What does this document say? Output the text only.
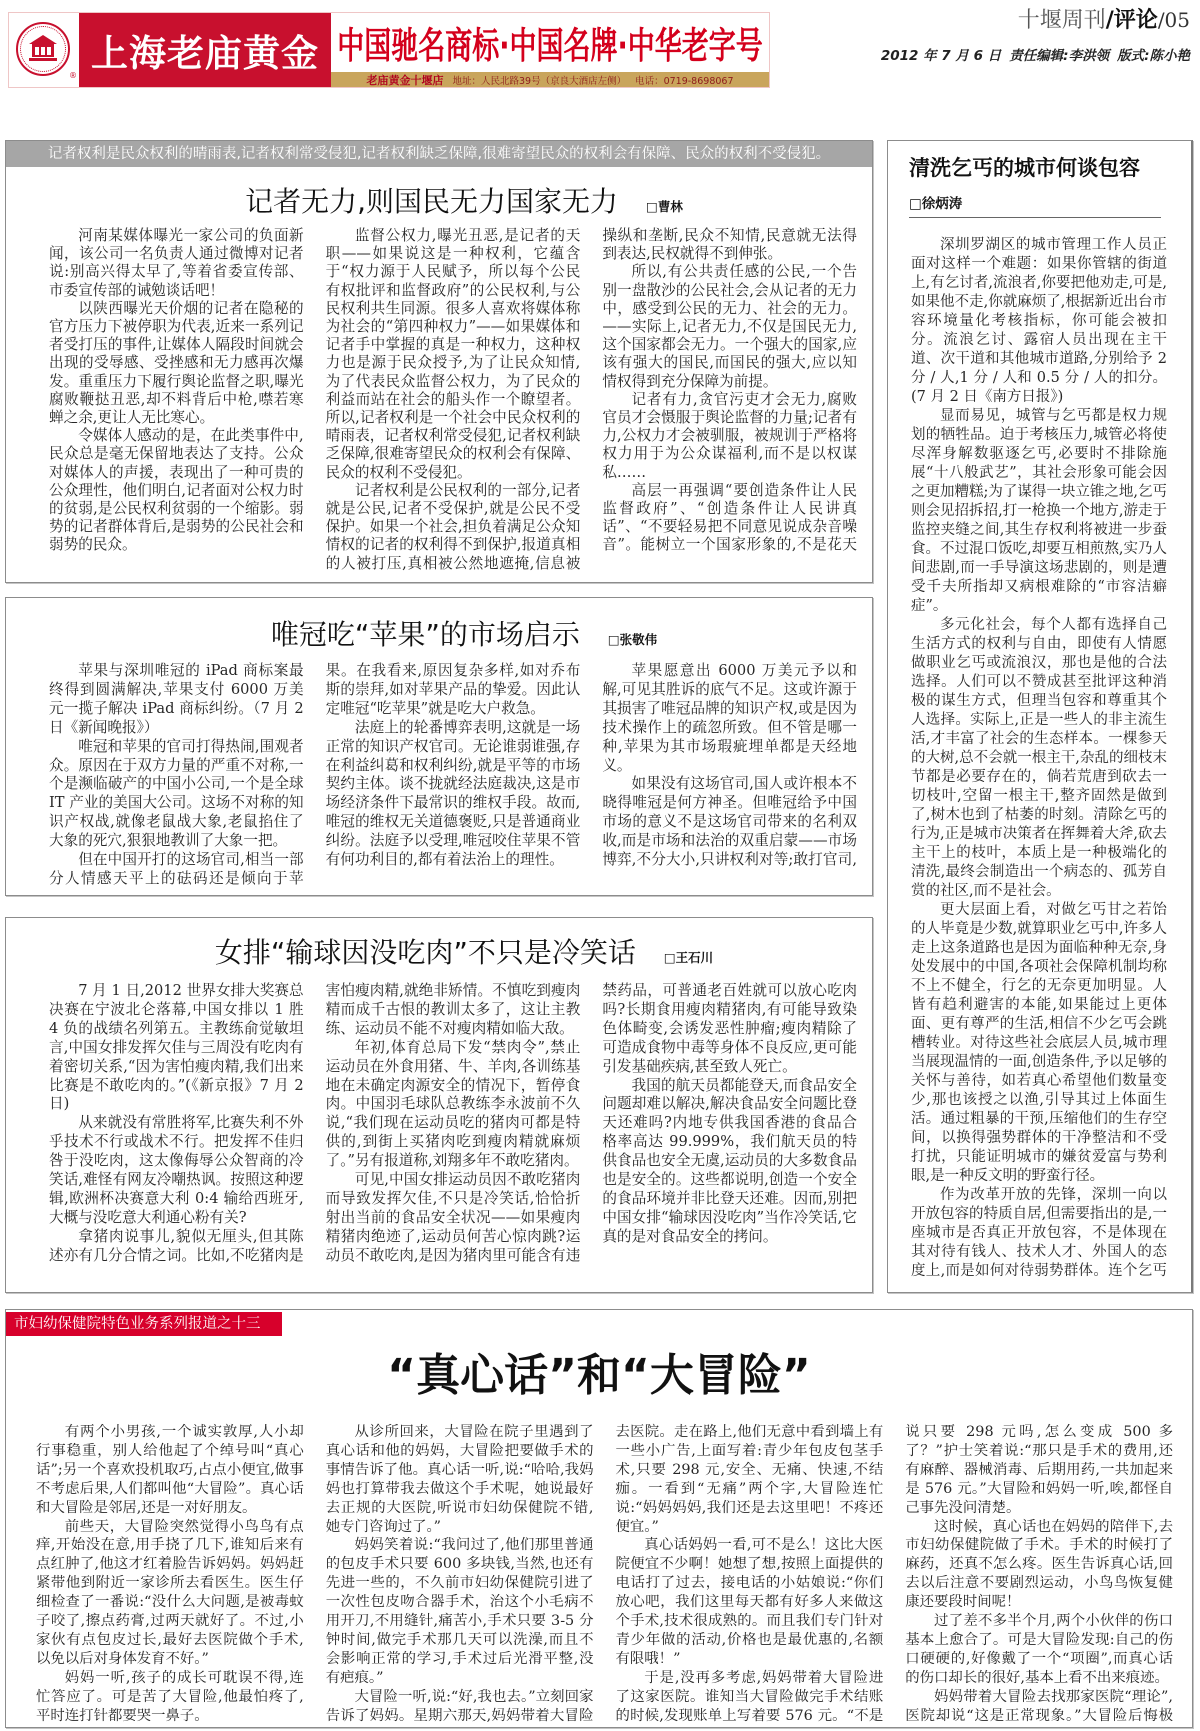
®
上海老庙黄金 中国驰名商标·中国名牌·中华老字号
老庙黄金十堰店 地址：人民北路39号（京良大酒店左侧） 电话：0719-8698067
十堰周刊/评论/05
2012 年 7 月 6 日 责任编辑:李洪领 版式:陈小艳
记者权利是民众权利的晴雨表,记者权利常受侵犯,记者权利缺乏保障,很难寄望民众的权利会有保障、民众的权利不受侵犯。
记者无力,则国民无力国家无力 □曹林

河南某媒体曝光一家公司的负面新闻，该公司一名负责人通过微博对记者说:别高兴得太早了,等着省委宣传部、市委宣传部的诫勉谈话吧！

以陕西曝光天价烟的记者在隐秘的官方压力下被停职为代表,近来一系列记者受打压的事件,让媒体人隔段时间就会出现的受辱感、受挫感和无力感再次爆发。重重压力下履行舆论监督之职,曝光腐败鞭挞丑恶,却不料背后中枪,噤若寒蝉之余,更让人无比寒心。

令媒体人感动的是，在此类事件中,民众总是毫无保留地表达了支持。公众对媒体人的声援，表现出了一种可贵的公众理性，他们明白,记者面对公权力时的贫弱,是公民权利贫弱的一个缩影。弱势的记者群体背后,是弱势的公民社会和弱势的民众。

监督公权力,曝光丑恶,是记者的天职——如果说这是一种权利，它蕴含于“权力源于人民赋予，所以每个公民有权批评和监督政府”的公民权利,与公民权利共生同源。很多人喜欢将媒体称为社会的“第四种权力”——如果媒体和记者手中掌握的真是一种权力，这种权力也是源于民众授予,为了让民众知情,为了代表民众监督公权力，为了民众的利益而站在社会的船头作一个瞭望者。所以,记者权利是一个社会中民众权利的晴雨表，记者权利常受侵犯,记者权利缺乏保障,很难寄望民众的权利会有保障、民众的权利不受侵犯。

记者权利是公民权利的一部分,记者就是公民,记者不受保护,就是公民不受保护。如果一个社会,担负着满足公众知情权的记者的权利得不到保护,报道真相的人被打压,真相被公然地遮掩,信息被操纵和垄断,民众不知情,民意就无法得到表达,民权就得不到伸张。

所以,有公共责任感的公民,一个告别一盘散沙的公民社会,会从记者的无力中，感受到公民的无力、社会的无力。——实际上,记者无力,不仅是国民无力,这个国家都会无力。一个强大的国家,应该有强大的国民,而国民的强大,应以知情权得到充分保障为前提。

记者有力,贪官污吏才会无力,腐败官员才会慑服于舆论监督的力量;记者有力,公权力才会被驯服，被规训于严格将权力用于为公众谋福利,而不是以权谋私……

高层一再强调“要创造条件让人民监督政府”、“创造条件让人民讲真话”、“不要轻易把不同意见说成杂音噪音”。能树立一个国家形象的,不是花天

唯冠吃“苹果”的市场启示 □张敬伟

苹果与深圳唯冠的 iPad 商标案最终得到圆满解决,苹果支付 6000 万美元一揽子解决 iPad 商标纠纷。（7 月 2 日《新闻晚报》）

唯冠和苹果的官司打得热闹,围观者众。原因在于双方力量的严重不对称,一个是濒临破产的中国小公司,一个是全球 IT 产业的美国大公司。这场不对称的知识产权战,就像老鼠战大象,老鼠掐住了大象的死穴,狠狠地教训了大象一把。

但在中国开打的这场官司,相当一部分人情感天平上的砝码还是倾向于苹果。在我看来,原因复杂多样,如对乔布斯的崇拜,如对苹果产品的挚爱。因此认定唯冠“吃苹果”就是吃大户救急。

法庭上的轮番博弈表明,这就是一场正常的知识产权官司。无论谁弱谁强,存在利益纠葛和权利纠纷,就是平等的市场契约主体。谈不拢就经法庭裁决,这是市场经济条件下最常识的维权手段。故而,唯冠的维权无关道德褒贬,只是普通商业纠纷。法庭予以受理,唯冠咬住苹果不管有何功利目的,都有着法治上的理性。

苹果愿意出 6000 万美元予以和解,可见其胜诉的底气不足。这或许源于其损害了唯冠品牌的知识产权,或是因为技术操作上的疏忽所致。但不管是哪一种,苹果为其市场瑕疵埋单都是天经地义。

如果没有这场官司,国人或许根本不晓得唯冠是何方神圣。但唯冠给予中国市场的意义不是这场官司带来的名利双收,而是市场和法治的双重启蒙——市场博弈,不分大小,只讲权利对等;敢打官司,

女排“输球因没吃肉”不只是冷笑话 □王石川

7 月 1 日,2012 世界女排大奖赛总决赛在宁波北仑落幕,中国女排以 1 胜 4 负的战绩名列第五。主教练俞觉敏坦言,中国女排发挥欠佳与三周没有吃肉有着密切关系,“因为害怕瘦肉精,我们出来比赛是不敢吃肉的。”(《新京报》7 月 2 日)

从来就没有常胜将军,比赛失利不外乎技术不行或战术不行。把发挥不佳归咎于没吃肉，这太像侮辱公众智商的冷笑话,难怪有网友冷嘲热讽。按照这种逻辑,欧洲杯决赛意大利 0:4 输给西班牙,大概与没吃意大利通心粉有关?

拿猪肉说事儿,貌似无厘头,但其陈述亦有几分合情之词。比如,不吃猪肉是害怕瘦肉精,就绝非矫情。不慎吃到瘦肉精而成千古恨的教训太多了，这让主教练、运动员不能不对瘦肉精如临大敌。

年初,体育总局下发“禁肉令”,禁止运动员在外食用猪、牛、羊肉,各训练基地在未确定肉源安全的情况下，暂停食肉。中国羽毛球队总教练李永波前不久说,“我们现在运动员吃的猪肉可都是特供的,到街上买猪肉吃到瘦肉精就麻烦了。”另有报道称,刘翔多年不敢吃猪肉。

可见,中国女排运动员因不敢吃猪肉而导致发挥欠佳,不只是冷笑话,恰恰折射出当前的食品安全状况——如果瘦肉精猪肉绝迹了,运动员何苦心惊肉跳?运动员不敢吃肉,是因为猪肉里可能含有违禁药品，可普通老百姓就可以放心吃肉吗?长期食用瘦肉精猪肉,有可能导致染色体畸变,会诱发恶性肿瘤;瘦肉精除了可造成食物中毒等身体不良反应,更可能引发基础疾病,甚至致人死亡。

我国的航天员都能登天,而食品安全问题却难以解决,解决食品安全问题比登天还难吗?内地专供我国香港的食品合格率高达 99.999%，我们航天员的特供食品也安全无虞,运动员的大多数食品也是安全的。这些都说明,创造一个安全的食品环境并非比登天还难。因而,别把中国女排“输球因没吃肉”当作冷笑话,它真的是对食品安全的拷问。

清洗乞丐的城市何谈包容
□徐炳涛

深圳罗湖区的城市管理工作人员正面对这样一个难题：如果你管辖的街道上,有乞讨者,流浪者,你要把他劝走,可是,如果他不走,你就麻烦了,根据新近出台市容环境量化考核指标，你可能会被扣分。流浪乞讨、露宿人员出现在主干道、次干道和其他城市道路,分别给予 2 分 / 人,1 分 / 人和 0.5 分 / 人的扣分。(7 月 2 日《南方日报》)

显而易见，城管与乞丐都是权力规划的牺牲品。迫于考核压力,城管必将使尽浑身解数驱逐乞丐,必要时不排除施展“十八般武艺”，其社会形象可能会因之更加糟糕;为了谋得一块立锥之地,乞丐则会见招拆招,打一枪换一个地方,游走于监控夹缝之间,其生存权利将被进一步蚕食。不过混口饭吃,却要互相煎熬,实乃人间悲剧,而一手导演这场悲剧的，则是遭受千夫所指却又病根难除的“市容洁癖症”。

多元化社会，每个人都有选择自己生活方式的权利与自由，即使有人情愿做职业乞丐或流浪汉，那也是他的合法选择。人们可以不赞成甚至批评这种消极的谋生方式，但理当包容和尊重其个人选择。实际上,正是一些人的非主流生活,才丰富了社会的生态样本。一棵参天的大树,总不会就一根主干,杂乱的细枝末节都是必要存在的，倘若荒唐到砍去一切枝叶,空留一根主干,整齐固然是做到了,树木也到了枯萎的时刻。清除乞丐的行为,正是城市决策者在挥舞着大斧,砍去主干上的枝叶，本质上是一种极端化的清洗,最终会制造出一个病态的、孤芳自赏的社区,而不是社会。

更大层面上看，对做乞丐甘之若饴的人毕竟是少数,就算职业乞丐中,许多人走上这条道路也是因为面临种种无奈,身处发展中的中国,各项社会保障机制均称不上不健全，行乞的无奈更加明显。人皆有趋利避害的本能,如果能过上更体面、更有尊严的生活,相信不少乞丐会跳槽转业。对待这些社会底层人员,城市理当展现温情的一面,创造条件,予以足够的关怀与善待，如若真心希望他们数量变少,那也该授之以渔,引导其过上体面生活。通过粗暴的干预,压缩他们的生存空间，以换得强势群体的干净整洁和不受打扰，只能证明城市的嫌贫爱富与势利眼,是一种反文明的野蛮行径。

作为改革开放的先锋，深圳一向以开放包容的特质自居,但需要指出的是,一座城市是否真正开放包容，不是体现在其对待有钱人、技术人才、外国人的态度上,而是如何对待弱势群体。连个乞丐

市妇幼保健院特色业务系列报道之十三
“真心话”和“大冒险”

有两个小男孩,一个诚实敦厚,人小却行事稳重，别人给他起了个绰号叫“真心话”;另一个喜欢投机取巧,占点小便宜,做事不考虑后果,人们都叫他“大冒险”。真心话和大冒险是邻居,还是一对好朋友。

前些天，大冒险突然觉得小鸟鸟有点痒,开始没在意,用手挠了几下,谁知后来有点红肿了,他这才红着脸告诉妈妈。妈妈赶紧带他到附近一家诊所去看医生。医生仔细检查了一番说:“没什么大问题,是被毒蚊子咬了,擦点药膏,过两天就好了。不过,小家伙有点包皮过长,最好去医院做个手术,以免以后对身体发育不好。”

妈妈一听,孩子的成长可耽误不得,连忙答应了。可是苦了大冒险,他最怕疼了,平时连打针都要哭一鼻子。

从诊所回来，大冒险在院子里遇到了真心话和他的妈妈，大冒险把要做手术的事情告诉了他。真心话一听,说:“哈哈,我妈妈也打算带我去做这个手术呢，她说最好去正规的大医院,听说市妇幼保健院不错,她专门咨询过了。”

妈妈笑着说:“我问过了,他们那里普通的包皮手术只要 600 多块钱,当然,也还有先进一些的，不久前市妇幼保健院引进了一次性包皮吻合器手术，治这个小毛病不用开刀,不用缝针,痛苦小,手术只要 3-5 分钟时间,做完手术那几天可以洗澡,而且不会影响正常的学习,手术过后光滑平整,没有疤痕。”

大冒险一听,说:“好,我也去。”立刻回家告诉了妈妈。星期六那天,妈妈带着大冒险去医院。走在路上,他们无意中看到墙上有一些小广告,上面写着:青少年包皮包茎手术,只要 298 元,安全、无痛、快速,不结痂。一看到“无痛”两个字,大冒险连忙说:“妈妈妈妈,我们还是去这里吧！不疼还便宜。”

真心话妈妈一看,可不是么！这比大医院便宜不少啊！她想了想,按照上面提供的电话打了过去，接电话的小姑娘说:“你们放心吧，我们这里每天都有好多人来做这个手术,技术很成熟的。而且我们专门针对青少年做的活动,价格也是最优惠的,名额有限哦！”

于是,没再多考虑,妈妈带着大冒险进了这家医院。谁知当大冒险做完手术结账的时候,发现账单上写着要 576 元。“不是说只要 298 元吗,怎么变成 500 多了？”护士笑着说:“那只是手术的费用,还有麻醉、器械消毒、后期用药,一共加起来是 576 元。”大冒险和妈妈一听,唉,都怪自己事先没问清楚。

这时候，真心话也在妈妈的陪伴下,去市妇幼保健院做了手术。手术的时候打了麻药，还真不怎么疼。医生告诉真心话,回去以后注意不要剧烈运动，小鸟鸟恢复健康还要段时间呢！

过了差不多半个月,两个小伙伴的伤口基本上愈合了。可是大冒险发现:自己的伤口硬硬的,好像戴了一个“项圈”,而真心话的伤口却长的很好,基本上看不出来痕迹。

妈妈带着大冒险去找那家医院“理论”,医院却说“这是正常现象。”大冒险后悔极
